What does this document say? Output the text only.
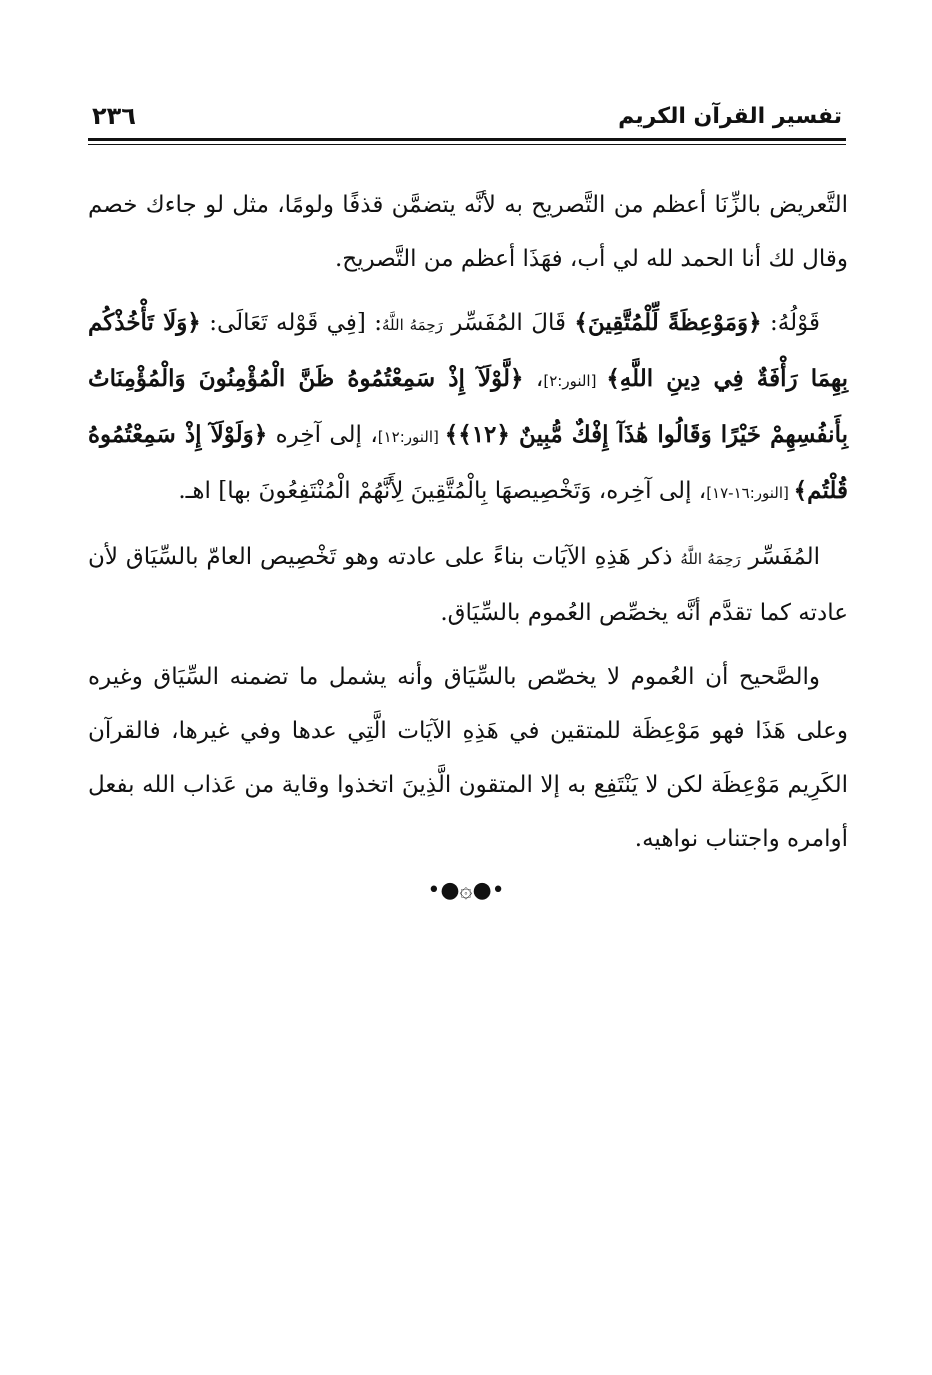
تفسير القرآن الكريم
٢٣٦

التَّعريض بالزِّنَا أعظم من التَّصريح به لأنَّه يتضمَّن قذفًا ولومًا، مثل لو جاءك خصم وقال لك أنا الحمد لله لي أب، فهَذَا أعظم من التَّصريح.

قَوْلُهُ: ﴿وَمَوْعِظَةً لِّلْمُتَّقِينَ﴾ قَالَ المُفَسِّر رَحِمَهُ اللَّهُ: [فِي قَوْله تَعَالَى: ﴿وَلَا تَأْخُذْكُم بِهِمَا رَأْفَةٌ فِي دِينِ اللَّهِ﴾ [النور:٢]، ﴿لَّوْلَآ إِذْ سَمِعْتُمُوهُ ظَنَّ الْمُؤْمِنُونَ وَالْمُؤْمِنَاتُ بِأَنفُسِهِمْ خَيْرًا وَقَالُوا هَٰذَآ إِفْكٌ مُّبِينٌ ﴿١٢﴾﴾ [النور:١٢]، إلى آخِره ﴿وَلَوْلَآ إِذْ سَمِعْتُمُوهُ قُلْتُم﴾ [النور:١٦-١٧]، إلى آخِره، وَتَخْصِيصهَا بِالْمُتَّقِينَ لِأَنَّهُمْ الْمُنْتَفِعُونَ بها] اهـ.

المُفَسِّر رَحِمَهُ اللَّهُ ذكر هَذِهِ الآيَات بناءً على عادته وهو تَخْصِيص العامّ بالسِّيَاق لأن عادته كما تقدَّم أنَّه يخصِّص العُموم بالسِّيَاق.

والصَّحيح أن العُموم لا يخصّص بالسِّيَاق وأنه يشمل ما تضمنه السِّيَاق وغيره وعلى هَذَا فهو مَوْعِظَة للمتقين في هَذِهِ الآيَات الَّتِي عدها وفي غيرها، فالقرآن الكَرِيم مَوْعِظَة لكن لا يَنْتَفِع به إلا المتقون الَّذِينَ اتخذوا وقاية من عَذاب الله بفعل أوامره واجتناب نواهيه.

•●۞●•
